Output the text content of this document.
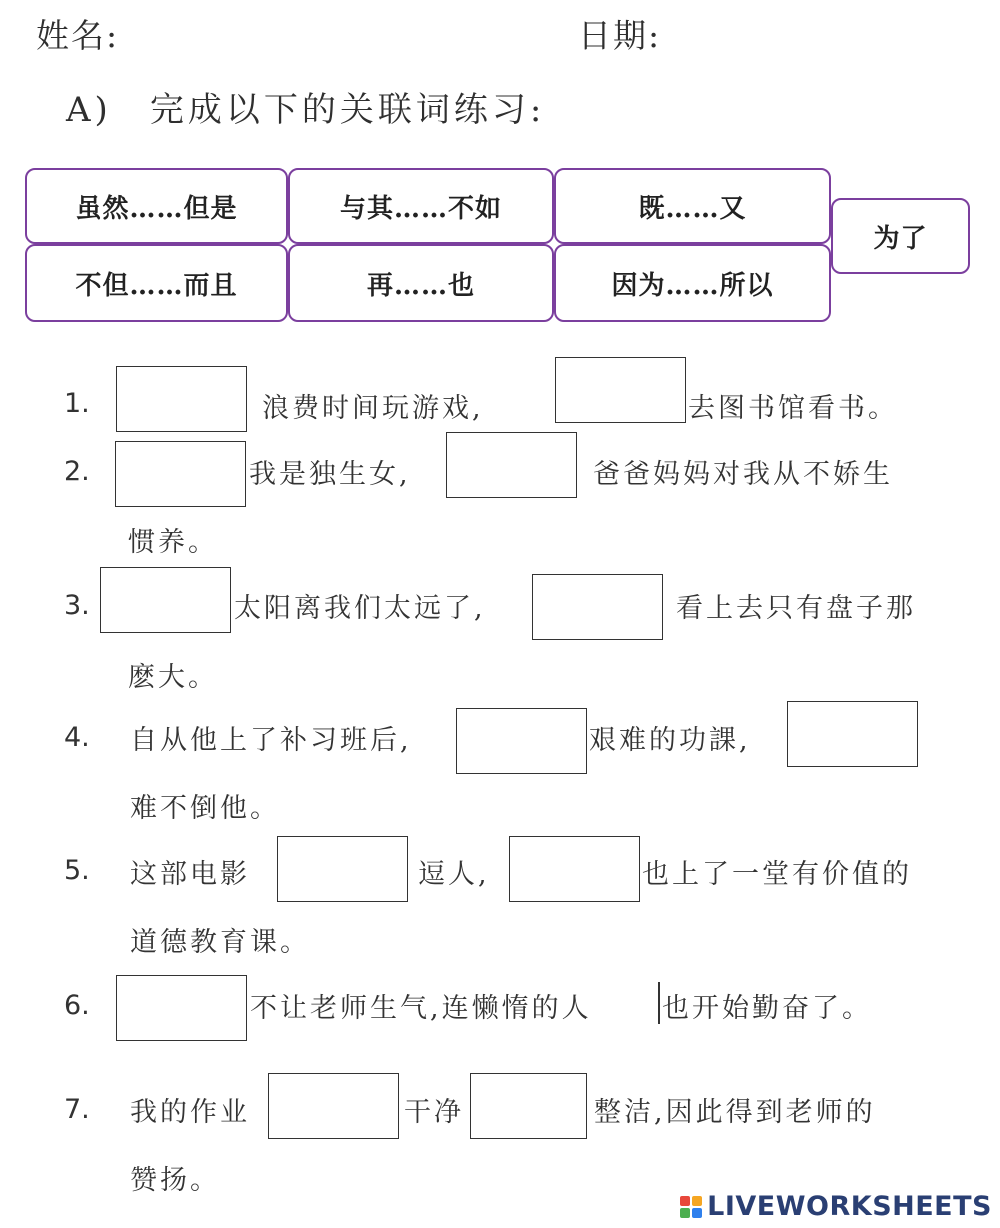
姓名:	日期:
A)　完成以下的关联词练习:
虽然……但是	与其……不如	既……又
不但……而且	再……也	因为……所以
为了
1.	浪费时间玩游戏,	去图书馆看书。
2.	我是独生女,	爸爸妈妈对我从不娇生
惯养。
3.	太阳离我们太远了,	看上去只有盘子那
麽大。
4. 自从他上了补习班后,	艰难的功課,
难不倒他。
5. 这部电影	逗人,	也上了一堂有价值的
道德教育课。
6.	不让老师生气,连懒惰的人	也开始勤奋了。
7. 我的作业	干净	整洁,因此得到老师的
赞扬。
LIVEWORKSHEETS
